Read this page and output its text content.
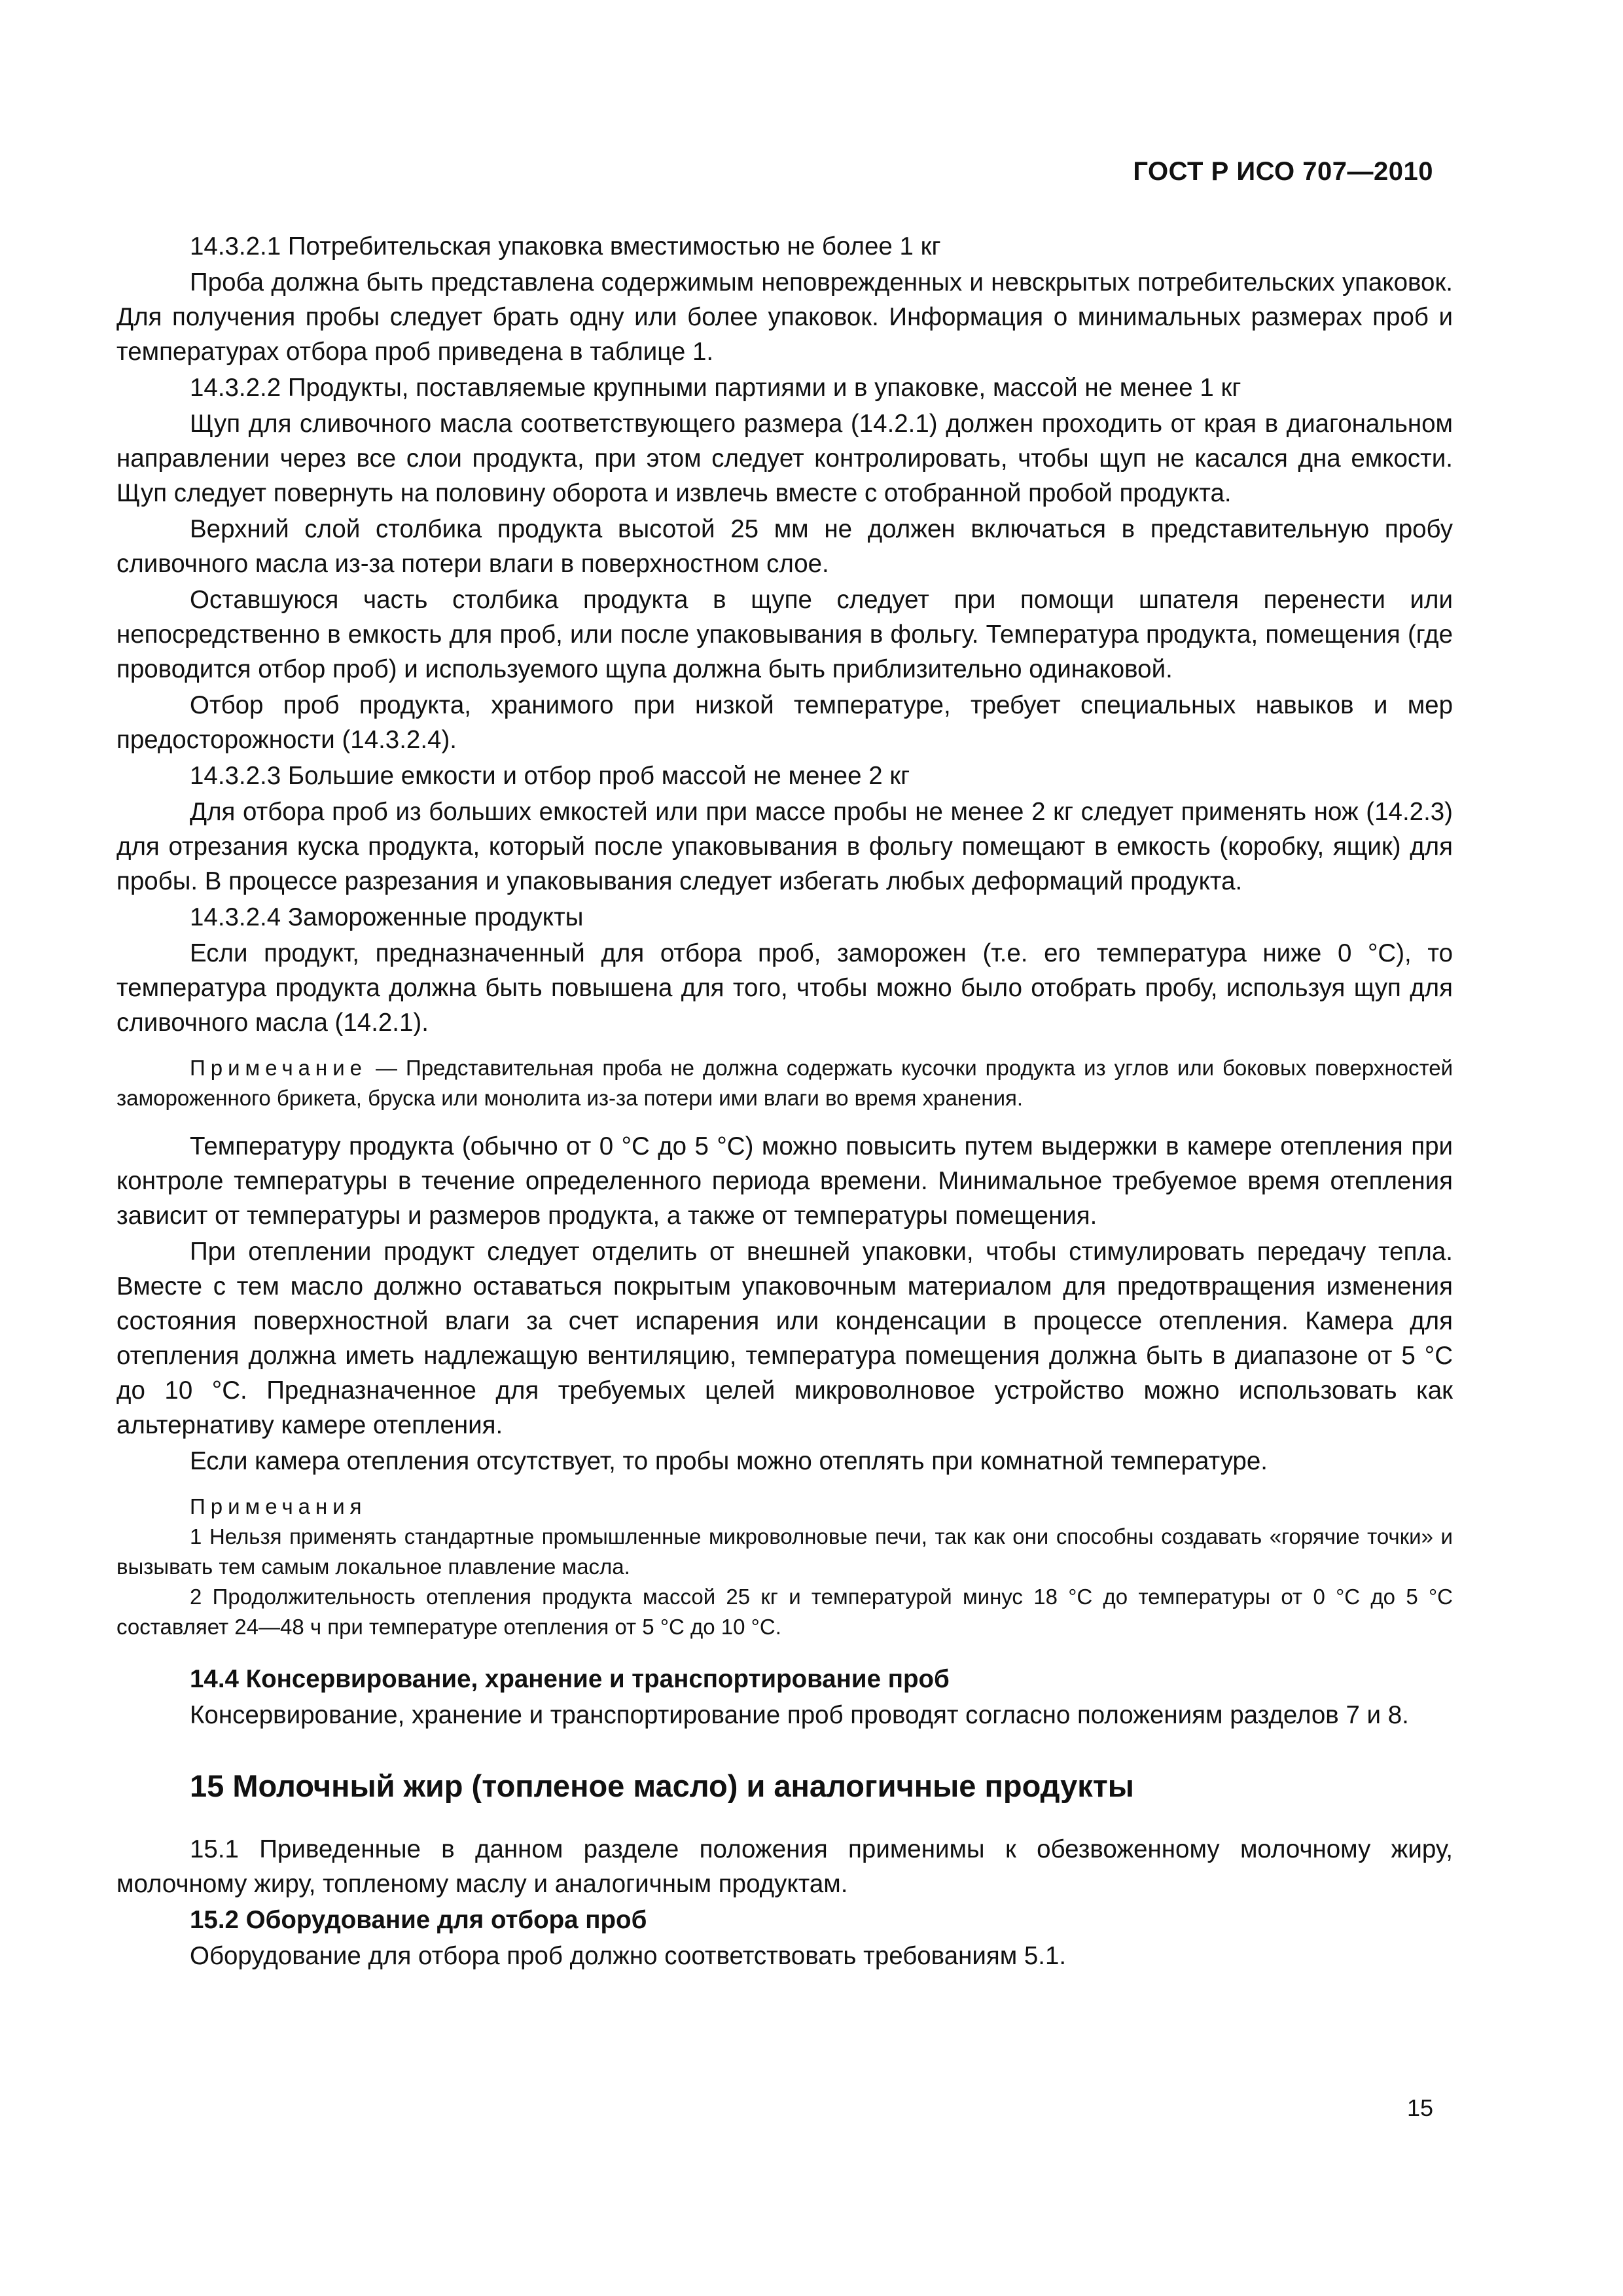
ГОСТ Р ИСО 707—2010

14.3.2.1 Потребительская упаковка вместимостью не более 1 кг

Проба должна быть представлена содержимым неповрежденных и невскрытых потребительских упаковок. Для получения пробы следует брать одну или более упаковок. Информация о минимальных размерах проб и температурах отбора проб приведена в таблице 1.

14.3.2.2 Продукты, поставляемые крупными партиями и в упаковке, массой не менее 1 кг

Щуп для сливочного масла соответствующего размера (14.2.1) должен проходить от края в диагональном направлении через все слои продукта, при этом следует контролировать, чтобы щуп не касался дна емкости. Щуп следует повернуть на половину оборота и извлечь вместе с отобранной пробой продукта.

Верхний слой столбика продукта высотой 25 мм не должен включаться в представительную пробу сливочного масла из-за потери влаги в поверхностном слое.

Оставшуюся часть столбика продукта в щупе следует при помощи шпателя перенести или непосредственно в емкость для проб, или после упаковывания в фольгу. Температура продукта, помещения (где проводится отбор проб) и используемого щупа должна быть приблизительно одинаковой.

Отбор проб продукта, хранимого при низкой температуре, требует специальных навыков и мер предосторожности (14.3.2.4).

14.3.2.3 Большие емкости и отбор проб массой не менее 2 кг

Для отбора проб из больших емкостей или при массе пробы не менее 2 кг следует применять нож (14.2.3) для отрезания куска продукта, который после упаковывания в фольгу помещают в емкость (коробку, ящик) для пробы. В процессе разрезания и упаковывания следует избегать любых деформаций продукта.

14.3.2.4 Замороженные продукты

Если продукт, предназначенный для отбора проб, заморожен (т.е. его температура ниже 0 °С), то температура продукта должна быть повышена для того, чтобы можно было отобрать пробу, используя щуп для сливочного масла (14.2.1).

Примечание — Представительная проба не должна содержать кусочки продукта из углов или боковых поверхностей замороженного брикета, бруска или монолита из-за потери ими влаги во время хранения.

Температуру продукта (обычно от 0 °С до 5 °С) можно повысить путем выдержки в камере отепления при контроле температуры в течение определенного периода времени. Минимальное требуемое время отепления зависит от температуры и размеров продукта, а также от температуры помещения.

При отеплении продукт следует отделить от внешней упаковки, чтобы стимулировать передачу тепла. Вместе с тем масло должно оставаться покрытым упаковочным материалом для предотвращения изменения состояния поверхностной влаги за счет испарения или конденсации в процессе отепления. Камера для отепления должна иметь надлежащую вентиляцию, температура помещения должна быть в диапазоне от 5 °С до 10 °С. Предназначенное для требуемых целей микроволновое устройство можно использовать как альтернативу камере отепления.

Если камера отепления отсутствует, то пробы можно отеплять при комнатной температуре.

Примечания

1 Нельзя применять стандартные промышленные микроволновые печи, так как они способны создавать «горячие точки» и вызывать тем самым локальное плавление масла.

2 Продолжительность отепления продукта массой 25 кг и температурой минус 18 °С до температуры от 0 °С до 5 °С составляет 24—48 ч при температуре отепления от 5 °С до 10 °С.

14.4 Консервирование, хранение и транспортирование проб

Консервирование, хранение и транспортирование проб проводят согласно положениям разделов 7 и 8.

15 Молочный жир (топленое масло) и аналогичные продукты

15.1 Приведенные в данном разделе положения применимы к обезвоженному молочному жиру, молочному жиру, топленому маслу и аналогичным продуктам.

15.2 Оборудование для отбора проб

Оборудование для отбора проб должно соответствовать требованиям 5.1.

15
